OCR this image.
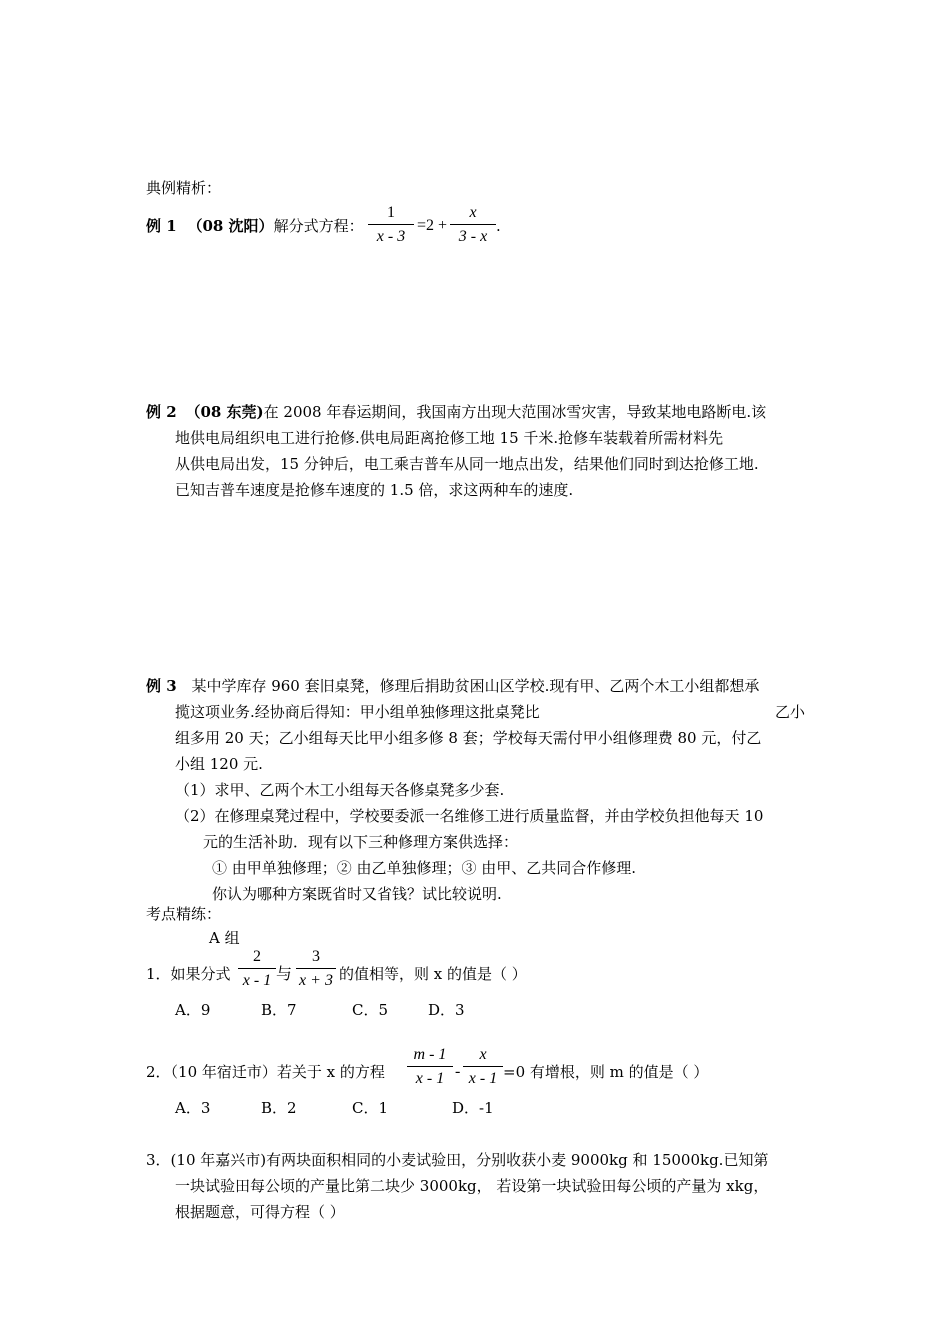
典例精析：
例 1 （08 沈阳）解分式方程：
1
x - 3
=2 +
x
3 - x
.
例 2 （08 东莞)在 2008 年春运期间，我国南方出现大范围冰雪灾害，导致某地电路断电.该
地供电局组织电工进行抢修.供电局距离抢修工地 15 千米.抢修车装载着所需材料先
从供电局出发，15 分钟后，电工乘吉普车从同一地点出发，结果他们同时到达抢修工地.
已知吉普车速度是抢修车速度的 1.5 倍，求这两种车的速度.
例 3 某中学库存 960 套旧桌凳，修理后捐助贫困山区学校.现有甲、乙两个木工小组都想承
揽这项业务.经协商后得知：甲小组单独修理这批桌凳比	乙小
组多用 20 天；乙小组每天比甲小组多修 8 套；学校每天需付甲小组修理费 80 元，付乙
小组 120 元.
（1）求甲、乙两个木工小组每天各修桌凳多少套.
（2）在修理桌凳过程中，学校要委派一名维修工进行质量监督，并由学校负担他每天 10
元的生活补助．现有以下三种修理方案供选择：
① 由甲单独修理；② 由乙单独修理；③ 由甲、乙共同合作修理.
你认为哪种方案既省时又省钱？试比较说明.
考点精练：
A 组
1．如果分式
2
x - 1 与
3
x + 3 的值相等，则 x 的值是（ ）
A．9	B．7	C．5	D．3
2．（10 年宿迁市）若关于 x 的方程
m - 1
x - 1 -
x
x - 1 =0 有增根，则 m 的值是（ ）
A．3	B．2	C．1	D．-1
3．(10 年嘉兴市)有两块面积相同的小麦试验田，分别收获小麦 9000kg 和 15000kg.已知第
一块试验田每公顷的产量比第二块少 3000kg， 若设第一块试验田每公顷的产量为 xkg，
根据题意，可得方程（ ）
